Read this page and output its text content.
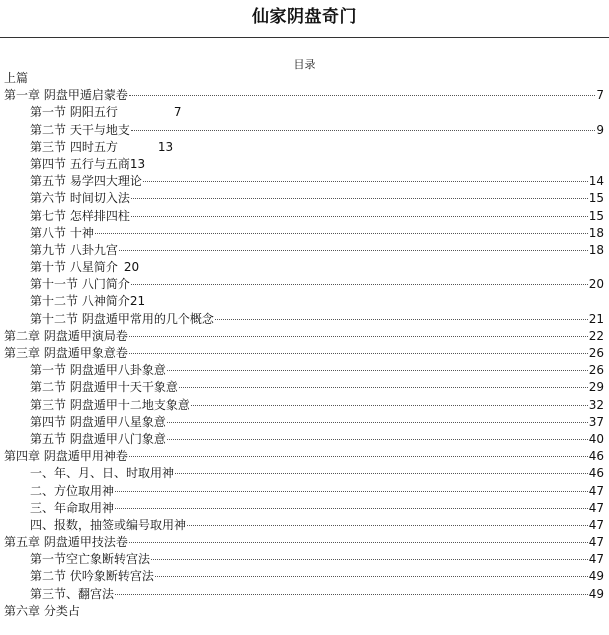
仙家阴盘奇门
目录
上篇
第一章 阴盘甲遁启蒙卷	7
第一节 阴阳五行	7
第二节 天干与地支	9
第三节 四时五方	13
第四节 五行与五商13
第五节 易学四大理论	14
第六节 时间切入法	15
第七节 怎样排四柱	15
第八节 十神	18
第九节 八卦九宫	18
第十节 八星简介 20
第十一节 八门简介	20
第十二节 八神简介21
第十二节 阴盘遁甲常用的几个概念	21
第二章 阴盘遁甲演局卷	22
第三章 阴盘遁甲象意卷	26
第一节 阴盘遁甲八卦象意	26
第二节 阴盘遁甲十天干象意	29
第三节 阴盘遁甲十二地支象意	32
第四节 阴盘遁甲八星象意	37
第五节 阴盘遁甲八门象意	40
第四章 阴盘遁甲用神卷	46
一、年、月、日、时取用神	46
二、方位取用神	47
三、年命取用神	47
四、报数，抽签或编号取用神	47
第五章 阴盘遁甲技法卷	47
第一节空亡象断转宫法	47
第二节 伏吟象断转宫法	49
第三节、翻宫法	49
第六章 分类占
